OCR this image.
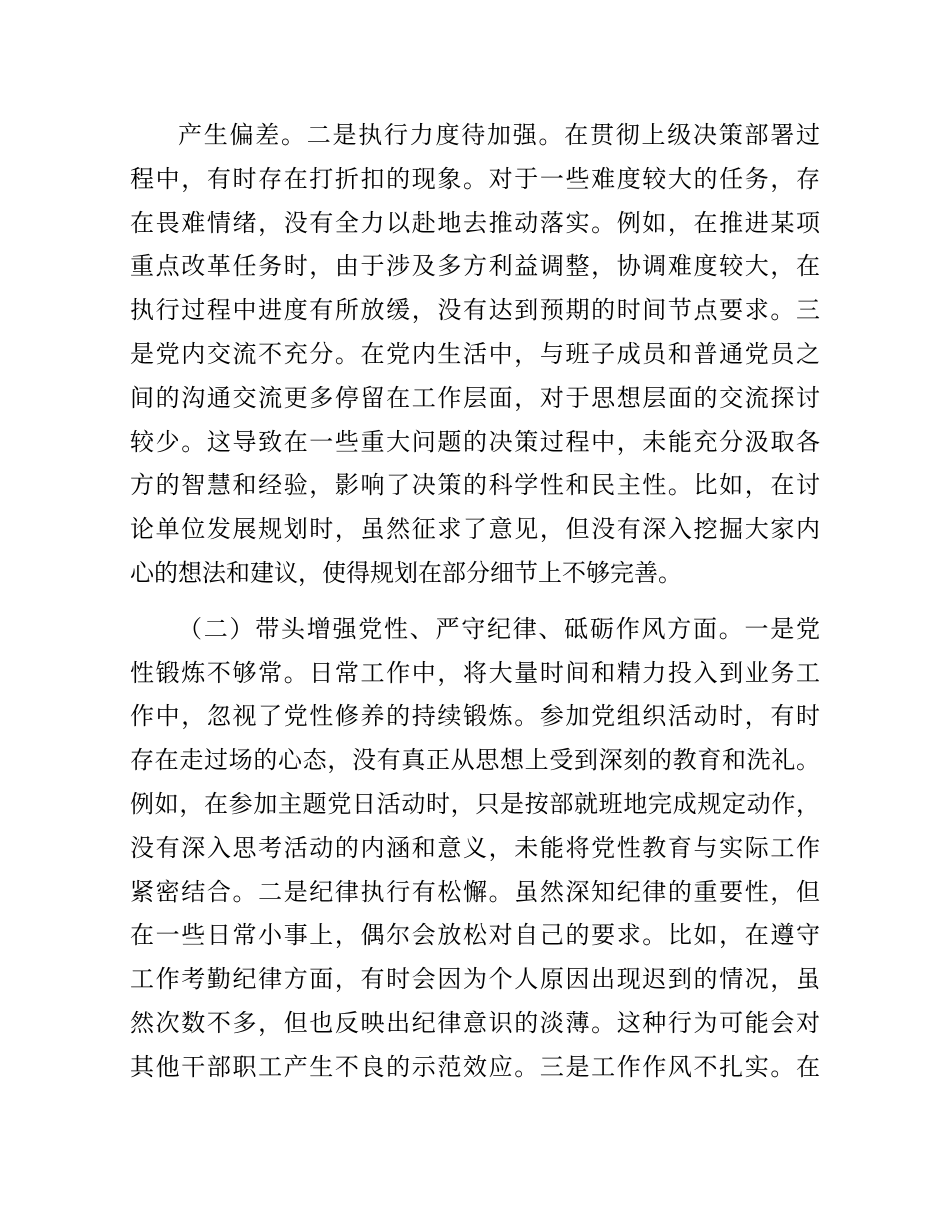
产生偏差。二是执行力度待加强。在贯彻上级决策部署过
程中，有时存在打折扣的现象。对于一些难度较大的任务，存
在畏难情绪，没有全力以赴地去推动落实。例如，在推进某项
重点改革任务时，由于涉及多方利益调整，协调难度较大，在
执行过程中进度有所放缓，没有达到预期的时间节点要求。三
是党内交流不充分。在党内生活中，与班子成员和普通党员之
间的沟通交流更多停留在工作层面，对于思想层面的交流探讨
较少。这导致在一些重大问题的决策过程中，未能充分汲取各
方的智慧和经验，影响了决策的科学性和民主性。比如，在讨
论单位发展规划时，虽然征求了意见，但没有深入挖掘大家内
心的想法和建议，使得规划在部分细节上不够完善。
（二）带头增强党性、严守纪律、砥砺作风方面。一是党
性锻炼不够常。日常工作中，将大量时间和精力投入到业务工
作中，忽视了党性修养的持续锻炼。参加党组织活动时，有时
存在走过场的心态，没有真正从思想上受到深刻的教育和洗礼。
例如，在参加主题党日活动时，只是按部就班地完成规定动作，
没有深入思考活动的内涵和意义，未能将党性教育与实际工作
紧密结合。二是纪律执行有松懈。虽然深知纪律的重要性，但
在一些日常小事上，偶尔会放松对自己的要求。比如，在遵守
工作考勤纪律方面，有时会因为个人原因出现迟到的情况，虽
然次数不多，但也反映出纪律意识的淡薄。这种行为可能会对
其他干部职工产生不良的示范效应。三是工作作风不扎实。在
